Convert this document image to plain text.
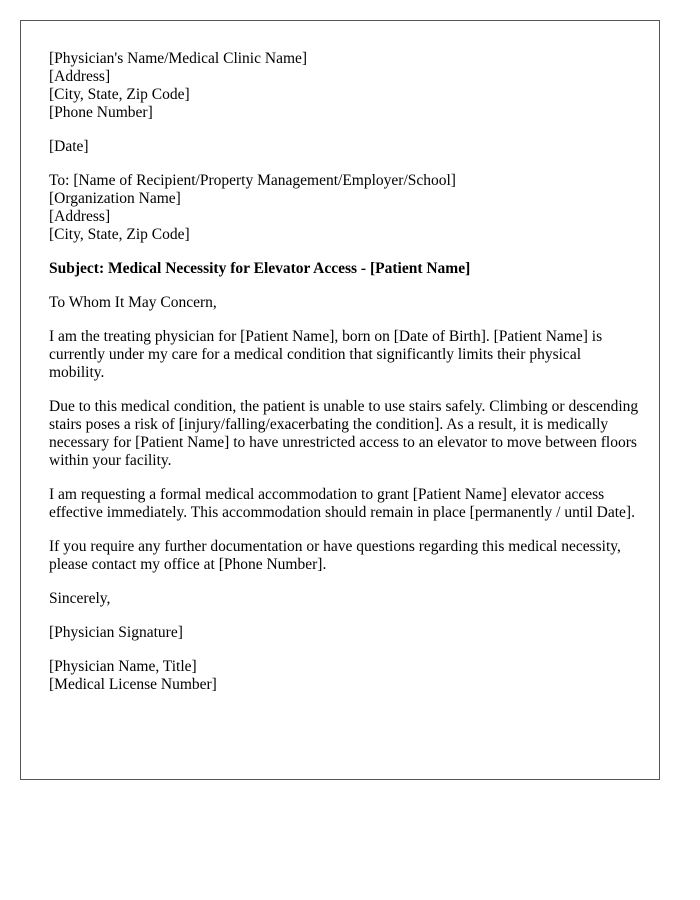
[Physician's Name/Medical Clinic Name]
[Address]
[City, State, Zip Code]
[Phone Number]
[Date]
To: [Name of Recipient/Property Management/Employer/School]
[Organization Name]
[Address]
[City, State, Zip Code]
Subject: Medical Necessity for Elevator Access - [Patient Name]
To Whom It May Concern,

I am the treating physician for [Patient Name], born on [Date of Birth]. [Patient Name] is currently under my care for a medical condition that significantly limits their physical mobility.

Due to this medical condition, the patient is unable to use stairs safely. Climbing or descending stairs poses a risk of [injury/falling/exacerbating the condition]. As a result, it is medically necessary for [Patient Name] to have unrestricted access to an elevator to move between floors within your facility.

I am requesting a formal medical accommodation to grant [Patient Name] elevator access effective immediately. This accommodation should remain in place [permanently / until Date].

If you require any further documentation or have questions regarding this medical necessity, please contact my office at [Phone Number].

Sincerely,
[Physician Signature]
[Physician Name, Title]
[Medical License Number]
